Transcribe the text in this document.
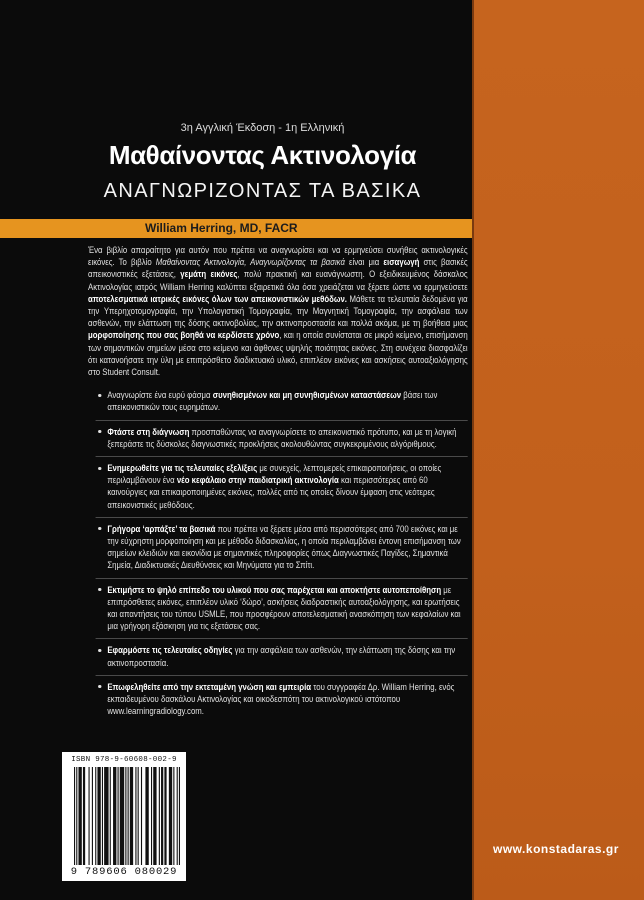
3η Αγγλική Έκδοση - 1η Ελληνική
Μαθαίνοντας Ακτινολογία
ΑΝΑΓΝΩΡΙΖΟΝΤΑΣ ΤΑ ΒΑΣΙΚΑ
William Herring, MD, FACR

Ένα βιβλίο απαραίτητο για αυτόν που πρέπει να αναγνωρίσει και να ερμηνεύσει συνήθεις ακτινολογικές εικόνες. Το βιβλίο Μαθαίνοντας Ακτινολογία, Αναγνωρίζοντας τα βασικά είναι μια εισαγωγή στις βασικές απεικονιστικές εξετάσεις, γεμάτη εικόνες, πολύ πρακτική και ευανάγνωστη. Ο εξειδικευμένος δάσκαλος Ακτινολογίας ιατρός William Herring καλύπτει εξαιρετικά όλα όσα χρειάζεται να ξέρετε ώστε να ερμηνεύσετε αποτελεσματικά ιατρικές εικόνες όλων των απεικονιστικών μεθόδων. Μάθετε τα τελευταία δεδομένα για την Υπερηχοτομογραφία, την Υπολογιστική Τομογραφία, την Μαγνητική Τομογραφία, την ασφάλεια των ασθενών, την ελάττωση της δόσης ακτινοβολίας, την ακτινοπροστασία και πολλά ακόμα, με τη βοήθεια μιας μορφοποίησης που σας βοηθά να κερδίσετε χρόνο, και η οποία συνίσταται σε μικρό κείμενο, επισήμανση των σημαντικών σημείων μέσα στο κείμενο και άφθονες υψηλής ποιότητας εικόνες. Στη συνέχεια διασφαλίζει ότι κατανοήσατε την ύλη με επιπρόσθετο διαδικτυακό υλικό, επιπλέον εικόνες και ασκήσεις αυτοαξιολόγησης στο Student Consult.

Αναγνωρίστε ένα ευρύ φάσμα συνηθισμένων και μη συνηθισμένων καταστάσεων βάσει των απεικονιστικών τους ευρημάτων.
Φτάστε στη διάγνωση προσπαθώντας να αναγνωρίσετε το απεικονιστικό πρότυπο, και με τη λογική ξεπεράστε τις δύσκολες διαγνωστικές προκλήσεις ακολουθώντας συγκεκριμένους αλγόριθμους.
Ενημερωθείτε για τις τελευταίες εξελίξεις με συνεχείς, λεπτομερείς επικαιροποιήσεις, οι οποίες περιλαμβάνουν ένα νέο κεφάλαιο στην παιδιατρική ακτινολογία και περισσότερες από 60 καινούργιες και επικαιροποιημένες εικόνες, πολλές από τις οποίες δίνουν έμφαση στις νεότερες απεικονιστικές μεθόδους.
Γρήγορα ‘αρπάξτε’ τα βασικά που πρέπει να ξέρετε μέσα από περισσότερες από 700 εικόνες και με την εύχρηστη μορφοποίηση και με μέθοδο διδασκαλίας, η οποία περιλαμβάνει έντονη επισήμανση των σημείων κλειδιών και εικονίδια με σημαντικές πληροφορίες όπως Διαγνωστικές Παγίδες, Σημαντικά Σημεία, Διαδικτυακές Διευθύνσεις και Μηνύματα για το Σπίτι.
Εκτιμήστε το ψηλό επίπεδο του υλικού που σας παρέχεται και αποκτήστε αυτοπεποίθηση με επιπρόσθετες εικόνες, επιπλέον υλικό ‘δώρο’, ασκήσεις διαδραστικής αυτοαξιολόγησης, και ερωτήσεις και απαντήσεις του τύπου USMLE, που προσφέρουν αποτελεσματική ανασκόπηση των κεφαλαίων και μια γρήγορη εξάσκηση για τις εξετάσεις σας.
Εφαρμόστε τις τελευταίες οδηγίες για την ασφάλεια των ασθενών, την ελάττωση της δόσης και την ακτινοπροστασία.
Επωφεληθείτε από την εκτεταμένη γνώση και εμπειρία του συγγραφέα Δρ. William Herring, ενός εκπαιδευμένου δασκάλου Ακτινολογίας και οικοδεσπότη του ακτινολογικού ιστότοπου www.learningradiology.com.
ISBN 978-9-60608-002-9
9 789606 080029
www.konstadaras.gr
